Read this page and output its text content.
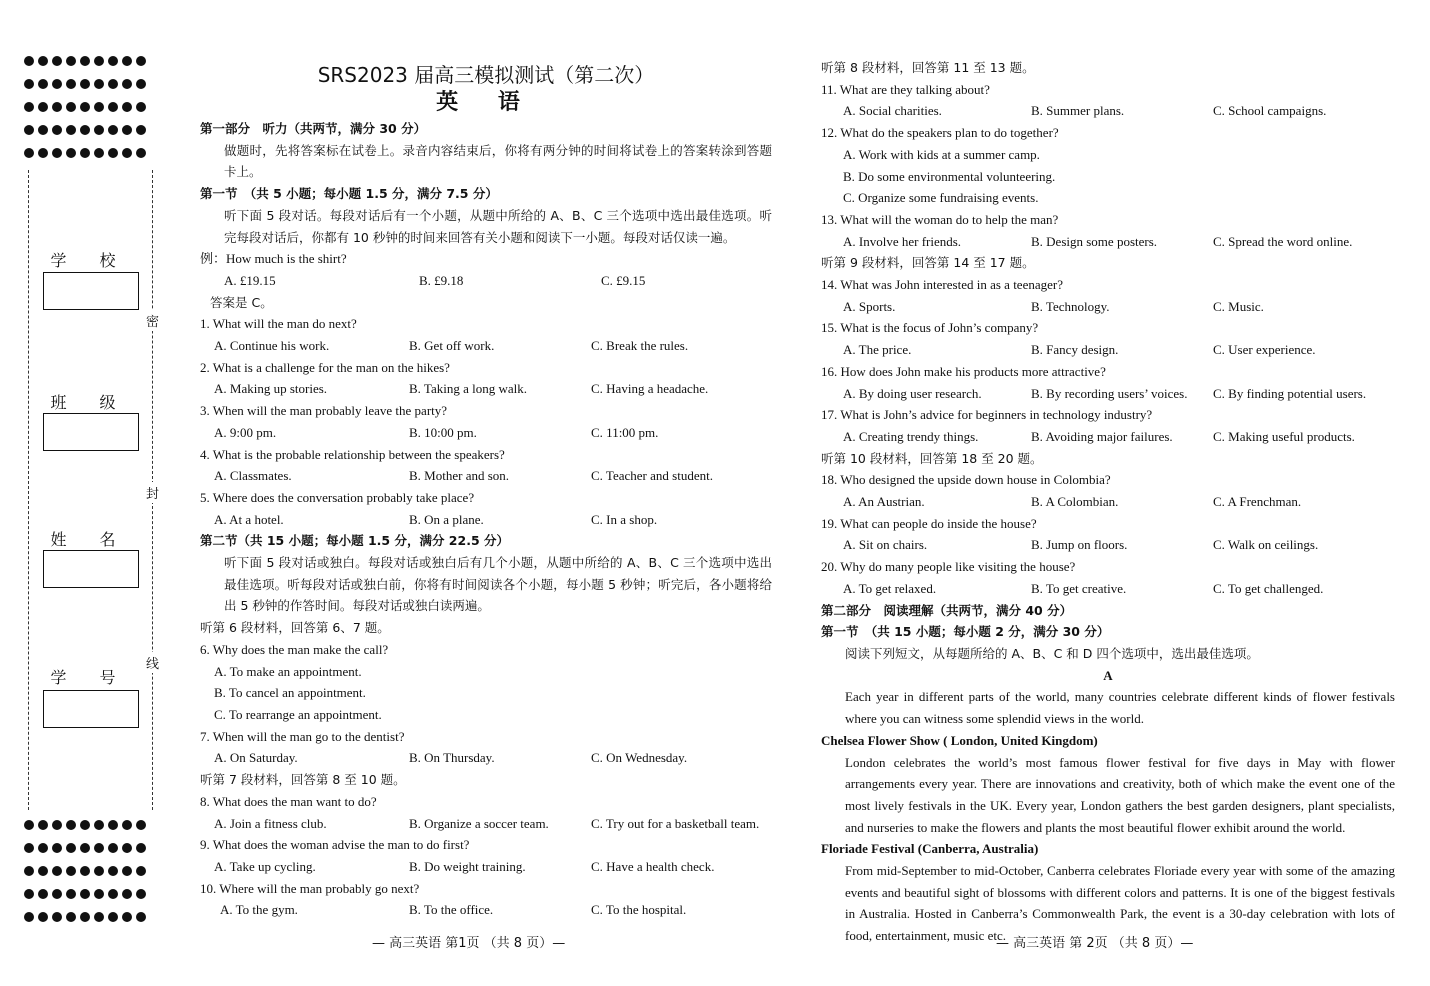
学 校
班 级
姓 名
学 号
密
封
线
SRS2023 届高三模拟测试（第二次）
英 语
第一部分　听力（共两节，满分 30 分）
做题时，先将答案标在试卷上。录音内容结束后，你将有两分钟的时间将试卷上的答案转涂到答题卡上。
第一节　（共 5 小题；每小题 1.5 分，满分 7.5 分）
听下面 5 段对话。每段对话后有一个小题，从题中所给的 A、B、C 三个选项中选出最佳选项。听完每段对话后，你都有 10 秒钟的时间来回答有关小题和阅读下一小题。每段对话仅读一遍。
例：How much is the shirt?
A. £19.15	B. £9.18	C. £9.15
答案是 C。
1. What will the man do next?
A. Continue his work.	B. Get off work.	C. Break the rules.
2. What is a challenge for the man on the hikes?
A. Making up stories.	B. Taking a long walk.	C. Having a headache.
3. When will the man probably leave the party?
A. 9:00 pm.	B. 10:00 pm.	C. 11:00 pm.
4. What is the probable relationship between the speakers?
A. Classmates.	B. Mother and son.	C. Teacher and student.
5. Where does the conversation probably take place?
A. At a hotel.	B. On a plane.	C. In a shop.
第二节（共 15 小题；每小题 1.5 分，满分 22.5 分）
听下面 5 段对话或独白。每段对话或独白后有几个小题，从题中所给的 A、B、C 三个选项中选出最佳选项。听每段对话或独白前，你将有时间阅读各个小题，每小题 5 秒钟；听完后，各小题将给出 5 秒钟的作答时间。每段对话或独白读两遍。
听第 6 段材料，回答第 6、7 题。
6. Why does the man make the call?
A. To make an appointment.
B. To cancel an appointment.
C. To rearrange an appointment.
7. When will the man go to the dentist?
A. On Saturday.	B. On Thursday.	C. On Wednesday.
听第 7 段材料，回答第 8 至 10 题。
8. What does the man want to do?
A. Join a fitness club.	B. Organize a soccer team.	C. Try out for a basketball team.
9. What does the woman advise the man to do first?
A. Take up cycling.	B. Do weight training.	C. Have a health check.
10. Where will the man probably go next?
A. To the gym.	B. To the office.	C. To the hospital.
— 高三英语 第1页 （共 8 页）—
听第 8 段材料，回答第 11 至 13 题。
11. What are they talking about?
A. Social charities.	B. Summer plans.	C. School campaigns.
12. What do the speakers plan to do together?
A. Work with kids at a summer camp.
B. Do some environmental volunteering.
C. Organize some fundraising events.
13. What will the woman do to help the man?
A. Involve her friends.	B. Design some posters.	C. Spread the word online.
听第 9 段材料，回答第 14 至 17 题。
14. What was John interested in as a teenager?
A. Sports.	B. Technology.	C. Music.
15. What is the focus of John’s company?
A. The price.	B. Fancy design.	C. User experience.
16. How does John make his products more attractive?
A. By doing user research.	B. By recording users’ voices.	C. By finding potential users.
17. What is John’s advice for beginners in technology industry?
A. Creating trendy things.	B. Avoiding major failures.	C. Making useful products.
听第 10 段材料，回答第 18 至 20 题。
18. Who designed the upside down house in Colombia?
A. An Austrian.	B. A Colombian.	C. A Frenchman.
19. What can people do inside the house?
A. Sit on chairs.	B. Jump on floors.	C. Walk on ceilings.
20. Why do many people like visiting the house?
A. To get relaxed.	B. To get creative.	C. To get challenged.
第二部分　阅读理解（共两节，满分 40 分）
第一节　（共 15 小题；每小题 2 分，满分 30 分）
阅读下列短文，从每题所给的 A、B、C 和 D 四个选项中，选出最佳选项。
A
Each year in different parts of the world, many countries celebrate different kinds of flower festivals where you can witness some splendid views in the world.
Chelsea Flower Show ( London, United Kingdom)
London celebrates the world’s most famous flower festival for five days in May with flower arrangements every year. There are innovations and creativity, both of which make the event one of the most lively festivals in the UK. Every year, London gathers the best garden designers, plant specialists, and nurseries to make the flowers and plants the most beautiful flower exhibit around the world.
Floriade Festival (Canberra, Australia)
From mid-September to mid-October, Canberra celebrates Floriade every year with some of the amazing events and beautiful sight of blossoms with different colors and patterns. It is one of the biggest festivals in Australia. Hosted in Canberra’s Commonwealth Park, the event is a 30-day celebration with lots of food, entertainment, music etc.
— 高三英语 第 2页 （共 8 页）—
